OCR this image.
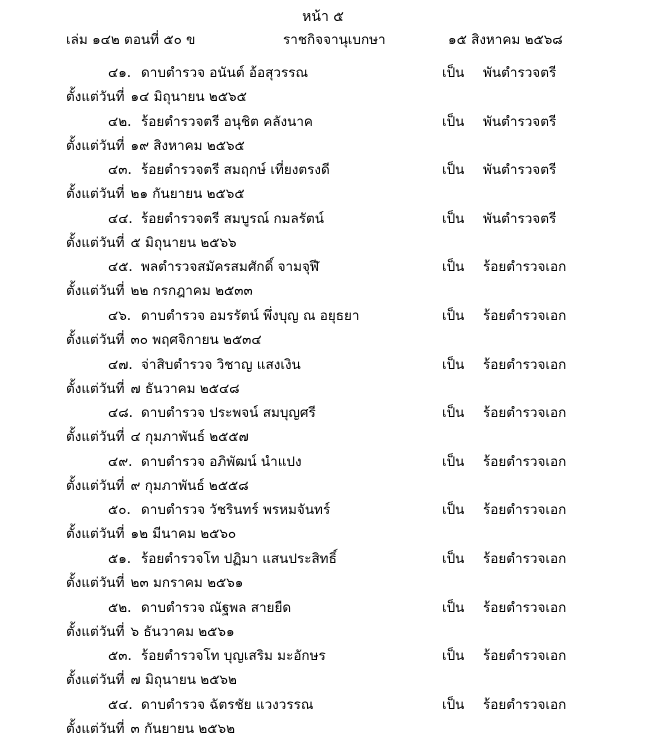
หน้า ๕
เล่ม ๑๔๒ ตอนที่ ๕๐ ข	ราชกิจจานุเบกษา	๑๕ สิงหาคม ๒๕๖๘
๔๑. ดาบตำรวจ อนันต์ อ้อสุวรรณ	เป็น พันตำรวจตรี
ตั้งแต่วันที่ ๑๔ มิถุนายน ๒๕๖๕
๔๒. ร้อยตำรวจตรี อนุชิต คลังนาค	เป็น พันตำรวจตรี
ตั้งแต่วันที่ ๑๙ สิงหาคม ๒๕๖๕
๔๓. ร้อยตำรวจตรี สมฤกษ์ เที่ยงตรงดี	เป็น พันตำรวจตรี
ตั้งแต่วันที่ ๒๑ กันยายน ๒๕๖๕
๔๔. ร้อยตำรวจตรี สมบูรณ์ กมลรัตน์	เป็น พันตำรวจตรี
ตั้งแต่วันที่ ๕ มิถุนายน ๒๕๖๖
๔๕. พลตำรวจสมัครสมศักดิ์ จามจุฬี	เป็น ร้อยตำรวจเอก
ตั้งแต่วันที่ ๒๒ กรกฎาคม ๒๕๓๓
๔๖. ดาบตำรวจ อมรรัตน์ พึ่งบุญ ณ อยุธยา	เป็น ร้อยตำรวจเอก
ตั้งแต่วันที่ ๓๐ พฤศจิกายน ๒๕๓๔
๔๗. จ่าสิบตำรวจ วิชาญ แสงเงิน	เป็น ร้อยตำรวจเอก
ตั้งแต่วันที่ ๗ ธันวาคม ๒๕๔๘
๔๘. ดาบตำรวจ ประพจน์ สมบุญศรี	เป็น ร้อยตำรวจเอก
ตั้งแต่วันที่ ๔ กุมภาพันธ์ ๒๕๕๗
๔๙. ดาบตำรวจ อภิพัฒน์ นำแปง	เป็น ร้อยตำรวจเอก
ตั้งแต่วันที่ ๙ กุมภาพันธ์ ๒๕๕๘
๕๐. ดาบตำรวจ วัชรินทร์ พรหมจันทร์	เป็น ร้อยตำรวจเอก
ตั้งแต่วันที่ ๑๒ มีนาคม ๒๕๖๐
๕๑. ร้อยตำรวจโท ปฏิมา แสนประสิทธิ์	เป็น ร้อยตำรวจเอก
ตั้งแต่วันที่ ๒๓ มกราคม ๒๕๖๑
๕๒. ดาบตำรวจ ณัฐพล สายยืด	เป็น ร้อยตำรวจเอก
ตั้งแต่วันที่ ๖ ธันวาคม ๒๕๖๑
๕๓. ร้อยตำรวจโท บุญเสริม มะอักษร	เป็น ร้อยตำรวจเอก
ตั้งแต่วันที่ ๗ มิถุนายน ๒๕๖๒
๕๔. ดาบตำรวจ ฉัตรชัย แวงวรรณ	เป็น ร้อยตำรวจเอก
ตั้งแต่วันที่ ๓ กันยายน ๒๕๖๒
